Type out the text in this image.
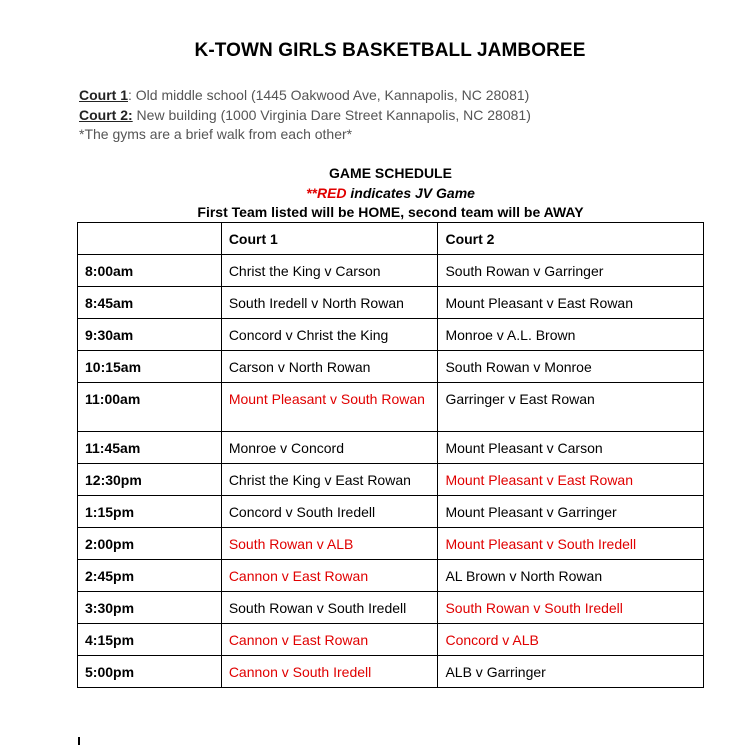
K-TOWN GIRLS BASKETBALL JAMBOREE
Court 1: Old middle school (1445 Oakwood Ave, Kannapolis, NC 28081)
Court 2: New building (1000 Virginia Dare Street Kannapolis, NC 28081)
*The gyms are a brief walk from each other*
GAME SCHEDULE
**RED indicates JV Game
First Team listed will be HOME, second team will be AWAY
	Court 1	Court 2
8:00am	Christ the King v Carson	South Rowan v Garringer
8:45am	South Iredell v North Rowan	Mount Pleasant v East Rowan
9:30am	Concord v Christ the King	Monroe v A.L. Brown
10:15am	Carson v North Rowan	South Rowan v Monroe
11:00am	Mount Pleasant v South Rowan	Garringer v East Rowan
11:45am	Monroe v Concord	Mount Pleasant v Carson
12:30pm	Christ the King v East Rowan	Mount Pleasant v East Rowan
1:15pm	Concord v South Iredell	Mount Pleasant v Garringer
2:00pm	South Rowan v ALB	Mount Pleasant v South Iredell
2:45pm	Cannon v East Rowan	AL Brown v North Rowan
3:30pm	South Rowan v South Iredell	South Rowan v South Iredell
4:15pm	Cannon v East Rowan	Concord v ALB
5:00pm	Cannon v South Iredell	ALB v Garringer
